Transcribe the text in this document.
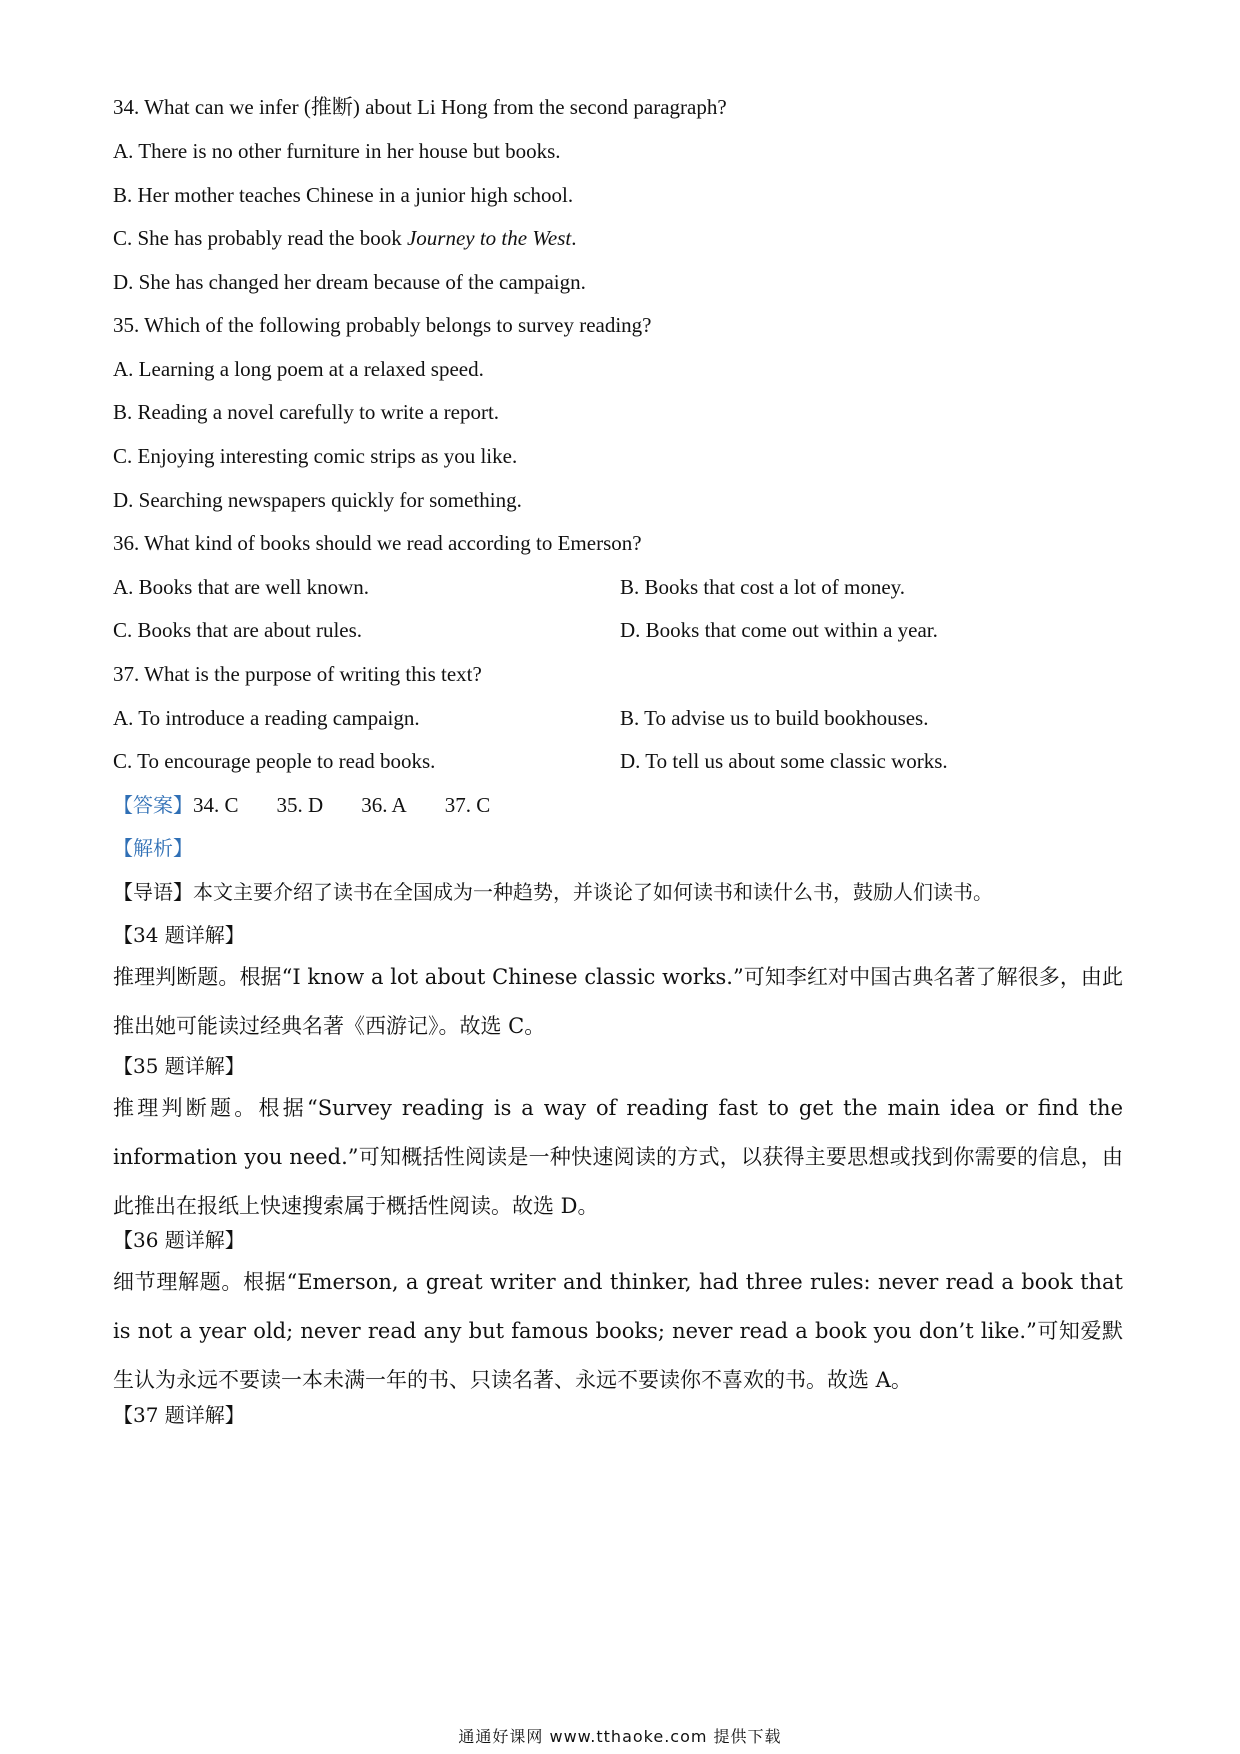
34. What can we infer (推断) about Li Hong from the second paragraph?
A. There is no other furniture in her house but books.
B. Her mother teaches Chinese in a junior high school.
C. She has probably read the book Journey to the West.
D. She has changed her dream because of the campaign.
35. Which of the following probably belongs to survey reading?
A. Learning a long poem at a relaxed speed.
B. Reading a novel carefully to write a report.
C. Enjoying interesting comic strips as you like.
D. Searching newspapers quickly for something.
36. What kind of books should we read according to Emerson?
A. Books that are well known.	B. Books that cost a lot of money.
C. Books that are about rules.	D. Books that come out within a year.
37. What is the purpose of writing this text?
A. To introduce a reading campaign.	B. To advise us to build bookhouses.
C. To encourage people to read books.	D. To tell us about some classic works.
【答案】34. C 35. D 36. A 37. C
【解析】
【导语】本文主要介绍了读书在全国成为一种趋势，并谈论了如何读书和读什么书，鼓励人们读书。
【34 题详解】
推理判断题。根据“I know a lot about Chinese classic works.”可知李红对中国古典名著了解很多，由此推出她可能读过经典名著《西游记》。故选 C。
【35 题详解】
推理判断题。根据“Survey reading is a way of reading fast to get the main idea or find the information you need.”可知概括性阅读是一种快速阅读的方式，以获得主要思想或找到你需要的信息，由此推出在报纸上快速搜索属于概括性阅读。故选 D。
【36 题详解】
细节理解题。根据“Emerson, a great writer and thinker, had three rules: never read a book that is not a year old; never read any but famous books; never read a book you don’t like.”可知爱默生认为永远不要读一本未满一年的书、只读名著、永远不要读你不喜欢的书。故选 A。
【37 题详解】
通通好课网 www.tthaoke.com 提供下载
